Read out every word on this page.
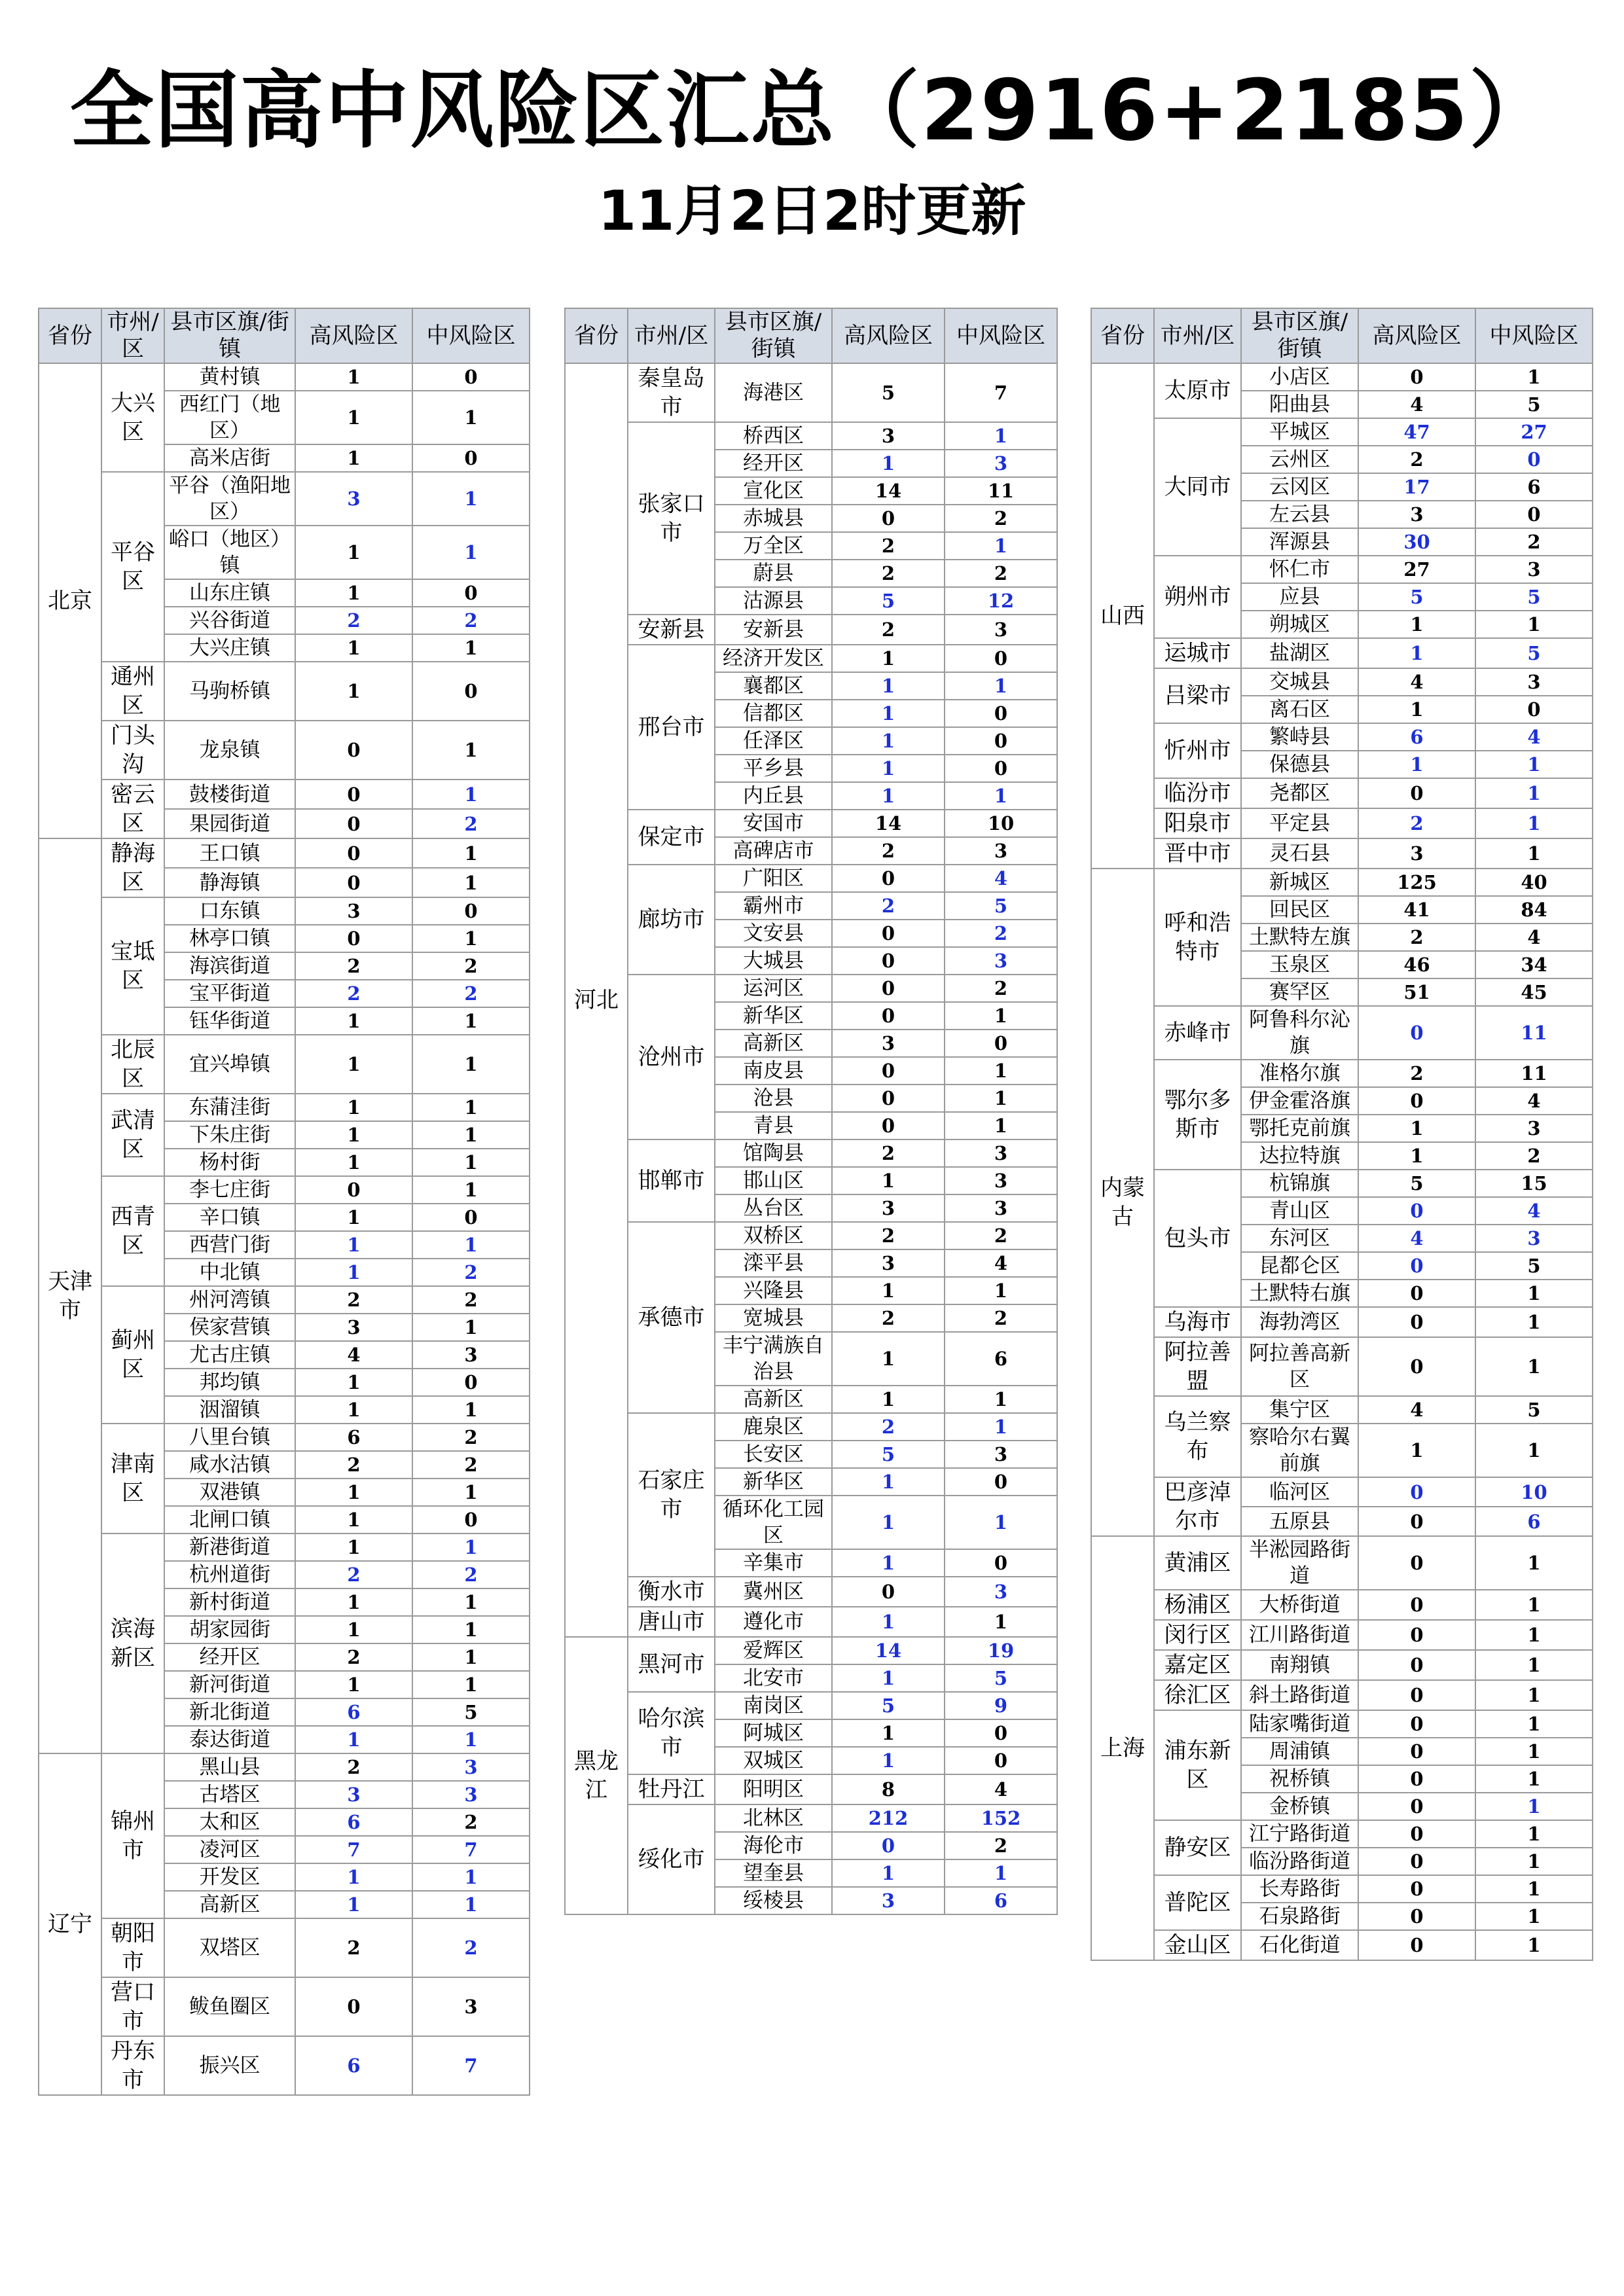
全国高中风险区汇总（2916+2185）
11月2日2时更新
省份	市州/区	县市区旗/街镇	高风险区	中风险区
北京	大兴区	黄村镇	1	0
		西红门（地区）	1	1
		高米店街	1	0
	平谷区	平谷（渔阳地区）	3	1
		峪口（地区）镇	1	1
		山东庄镇	1	0
		兴谷街道	2	2
		大兴庄镇	1	1
	通州区	马驹桥镇	1	0
	门头沟	龙泉镇	0	1
	密云区	鼓楼街道	0	1
		果园街道	0	2
天津市	静海区	王口镇	0	1
		静海镇	0	1
	宝坻区	口东镇	3	0
		林亭口镇	0	1
		海滨街道	2	2
		宝平街道	2	2
		钰华街道	1	1
	北辰区	宜兴埠镇	1	1
	武清区	东蒲洼街	1	1
		下朱庄街	1	1
		杨村街	1	1
	西青区	李七庄街	0	1
		辛口镇	1	0
		西营门街	1	1
		中北镇	1	2
	蓟州区	州河湾镇	2	2
		侯家营镇	3	1
		尤古庄镇	4	3
		邦均镇	1	0
		洇溜镇	1	1
	津南区	八里台镇	6	2
		咸水沽镇	2	2
		双港镇	1	1
		北闸口镇	1	0
	滨海新区	新港街道	1	1
		杭州道街	2	2
		新村街道	1	1
		胡家园街	1	1
		经开区	2	1
		新河街道	1	1
		新北街道	6	5
		泰达街道	1	1
辽宁	锦州市	黑山县	2	3
		古塔区	3	3
		太和区	6	2
		凌河区	7	7
		开发区	1	1
		高新区	1	1
	朝阳市	双塔区	2	2
	营口市	鲅鱼圈区	0	3
	丹东市	振兴区	6	7
省份	市州/区	县市区旗/街镇	高风险区	中风险区
河北	秦皇岛市	海港区	5	7
	张家口市	桥西区	3	1
		经开区	1	3
		宣化区	14	11
		赤城县	0	2
		万全区	2	1
		蔚县	2	2
		沽源县	5	12
	安新县	安新县	2	3
	邢台市	经济开发区	1	0
		襄都区	1	1
		信都区	1	0
		任泽区	1	0
		平乡县	1	0
		内丘县	1	1
	保定市	安国市	14	10
		高碑店市	2	3
	廊坊市	广阳区	0	4
		霸州市	2	5
		文安县	0	2
		大城县	0	3
	沧州市	运河区	0	2
		新华区	0	1
		高新区	3	0
		南皮县	0	1
		沧县	0	1
		青县	0	1
	邯郸市	馆陶县	2	3
		邯山区	1	3
		丛台区	3	3
	承德市	双桥区	2	2
		滦平县	3	4
		兴隆县	1	1
		宽城县	2	2
		丰宁满族自治县	1	6
		高新区	1	1
	石家庄市	鹿泉区	2	1
		长安区	5	3
		新华区	1	0
		循环化工园区	1	1
		辛集市	1	0
	衡水市	冀州区	0	3
	唐山市	遵化市	1	1
黑龙江	黑河市	爱辉区	14	19
		北安市	1	5
	哈尔滨市	南岗区	5	9
		阿城区	1	0
		双城区	1	0
	牡丹江	阳明区	8	4
	绥化市	北林区	212	152
		海伦市	0	2
		望奎县	1	1
		绥棱县	3	6
省份	市州/区	县市区旗/街镇	高风险区	中风险区
山西	太原市	小店区	0	1
		阳曲县	4	5
	大同市	平城区	47	27
		云州区	2	0
		云冈区	17	6
		左云县	3	0
		浑源县	30	2
	朔州市	怀仁市	27	3
		应县	5	5
		朔城区	1	1
	运城市	盐湖区	1	5
	吕梁市	交城县	4	3
		离石区	1	0
	忻州市	繁峙县	6	4
		保德县	1	1
	临汾市	尧都区	0	1
	阳泉市	平定县	2	1
	晋中市	灵石县	3	1
内蒙古	呼和浩特市	新城区	125	40
		回民区	41	84
		土默特左旗	2	4
		玉泉区	46	34
		赛罕区	51	45
	赤峰市	阿鲁科尔沁旗	0	11
	鄂尔多斯市	准格尔旗	2	11
		伊金霍洛旗	0	4
		鄂托克前旗	1	3
		达拉特旗	1	2
	包头市	杭锦旗	5	15
		青山区	0	4
		东河区	4	3
		昆都仑区	0	5
		土默特右旗	0	1
	乌海市	海勃湾区	0	1
	阿拉善盟	阿拉善高新区	0	1
	乌兰察布	集宁区	4	5
		察哈尔右翼前旗	1	1
	巴彦淖尔市	临河区	0	10
		五原县	0	6
上海	黄浦区	半淞园路街道	0	1
	杨浦区	大桥街道	0	1
	闵行区	江川路街道	0	1
	嘉定区	南翔镇	0	1
	徐汇区	斜土路街道	0	1
	浦东新区	陆家嘴街道	0	1
		周浦镇	0	1
		祝桥镇	0	1
		金桥镇	0	1
	静安区	江宁路街道	0	1
		临汾路街道	0	1
	普陀区	长寿路街	0	1
		石泉路街	0	1
	金山区	石化街道	0	1
